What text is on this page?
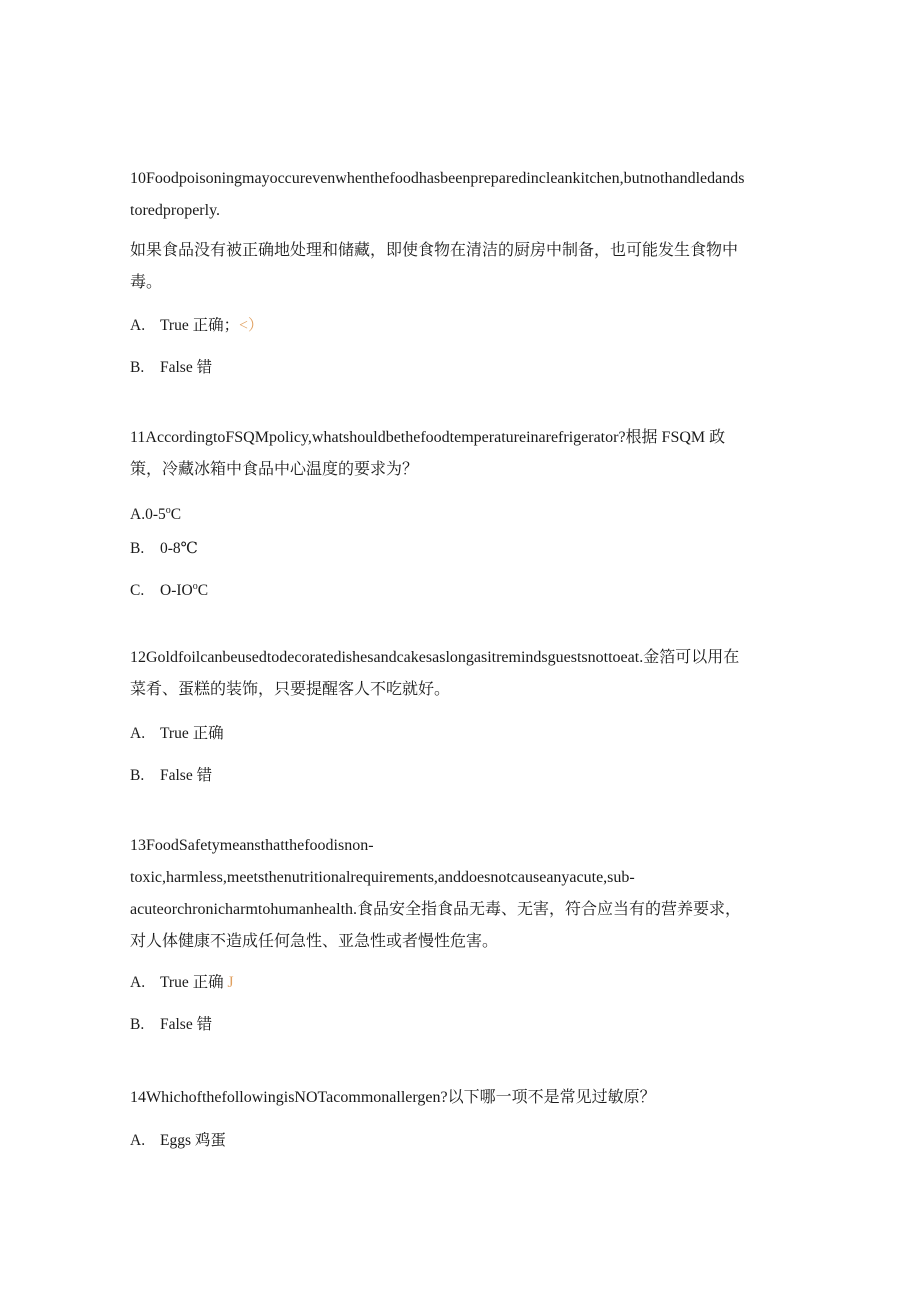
10Foodpoisoningmayoccurevenwhenthefoodhasbeenpreparedincleankitchen,butnothandledands
toredproperly.
如果食品没有被正确地处理和储藏，即使食物在清洁的厨房中制备，也可能发生食物中
毒。
A. True 正确；<）
B. False 错
11AccordingtoFSQMpolicy,whatshouldbethefoodtemperatureinarefrigerator?根据 FSQM 政
策，冷藏冰箱中食品中心温度的要求为？
A.0-5$^o$C
B. 0-8℃
C. $O-IO^oC$
12Goldfoilcanbeusedtodecoratedishesandcakesaslongasitremindsguestsnottoeat.金箔可以用在
菜肴、蛋糕的装饰，只要提醒客人不吃就好。
A. True 正确
B. False 错
13FoodSafetymeansthatthefoodisnon-
toxic,harmless,meetsthenutritionalrequirements,anddoesnotcauseanyacute,sub-
acuteorchronicharmtohumanhealth.食品安全指食品无毒、无害，符合应当有的营养要求，
对人体健康不造成任何急性、亚急性或者慢性危害。
A. True 正确 J
B. False 错
14WhichofthefollowingisNOTacommonallergen?以下哪一项不是常见过敏原？
A. Eggs 鸡蛋
